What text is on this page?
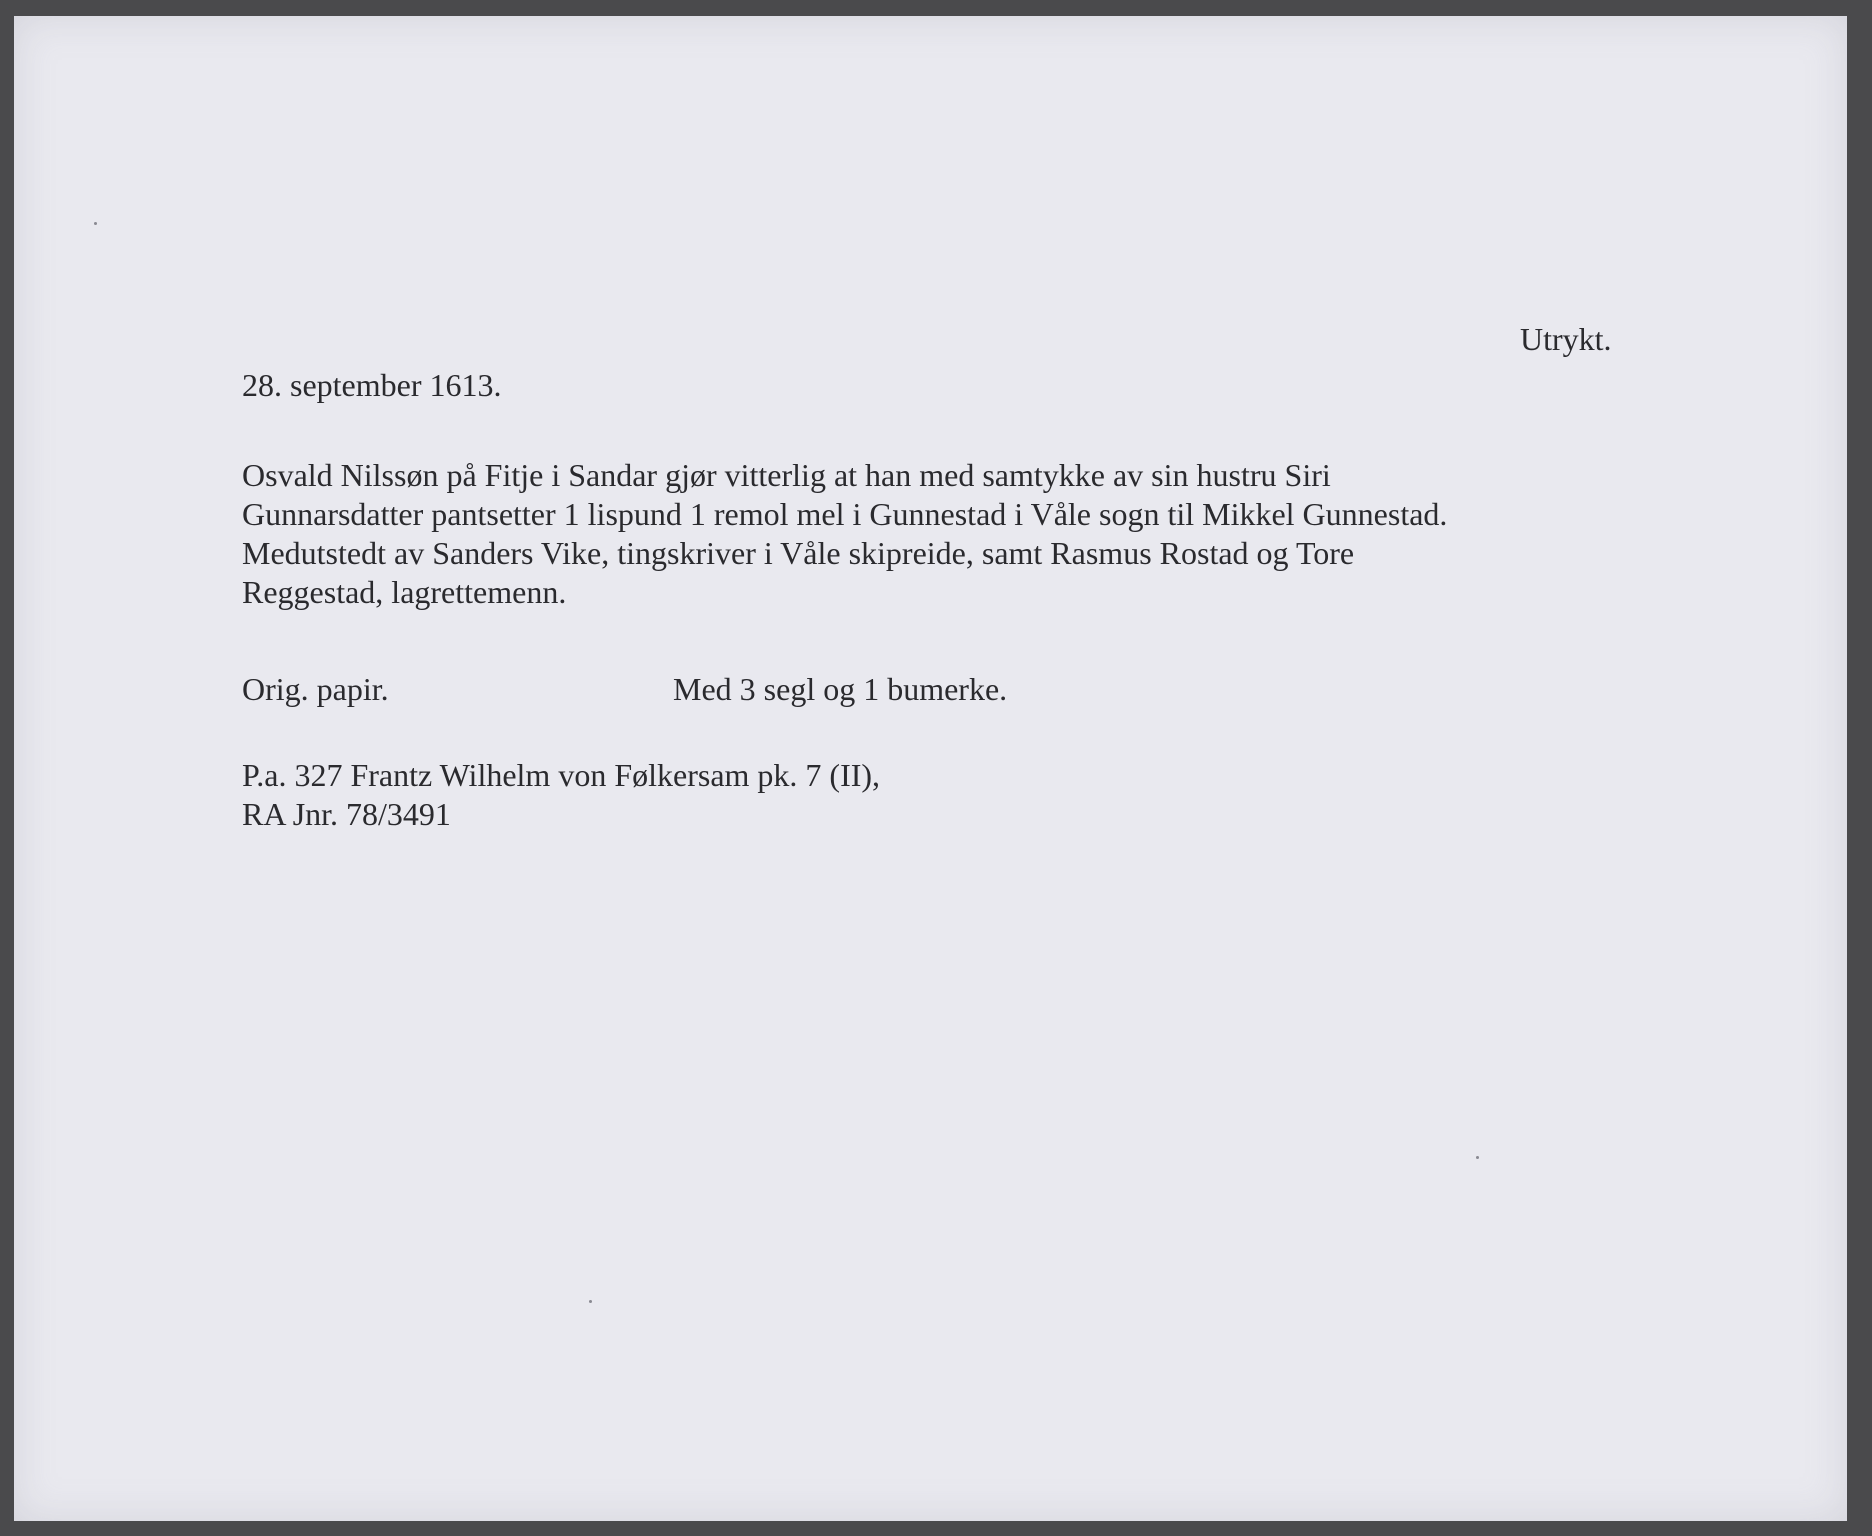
Utrykt.

28. september 1613.

Osvald Nilssøn på Fitje i Sandar gjør vitterlig at han med samtykke av sin hustru Siri
Gunnarsdatter pantsetter 1 lispund 1 remol mel i Gunnestad i Våle sogn til Mikkel Gunnestad.
Medutstedt av Sanders Vike, tingskriver i Våle skipreide, samt Rasmus Rostad og Tore
Reggestad, lagrettemenn.

Orig. papir.	Med 3 segl og 1 bumerke.

P.a. 327 Frantz Wilhelm von Følkersam pk. 7 (II),
RA Jnr. 78/3491
